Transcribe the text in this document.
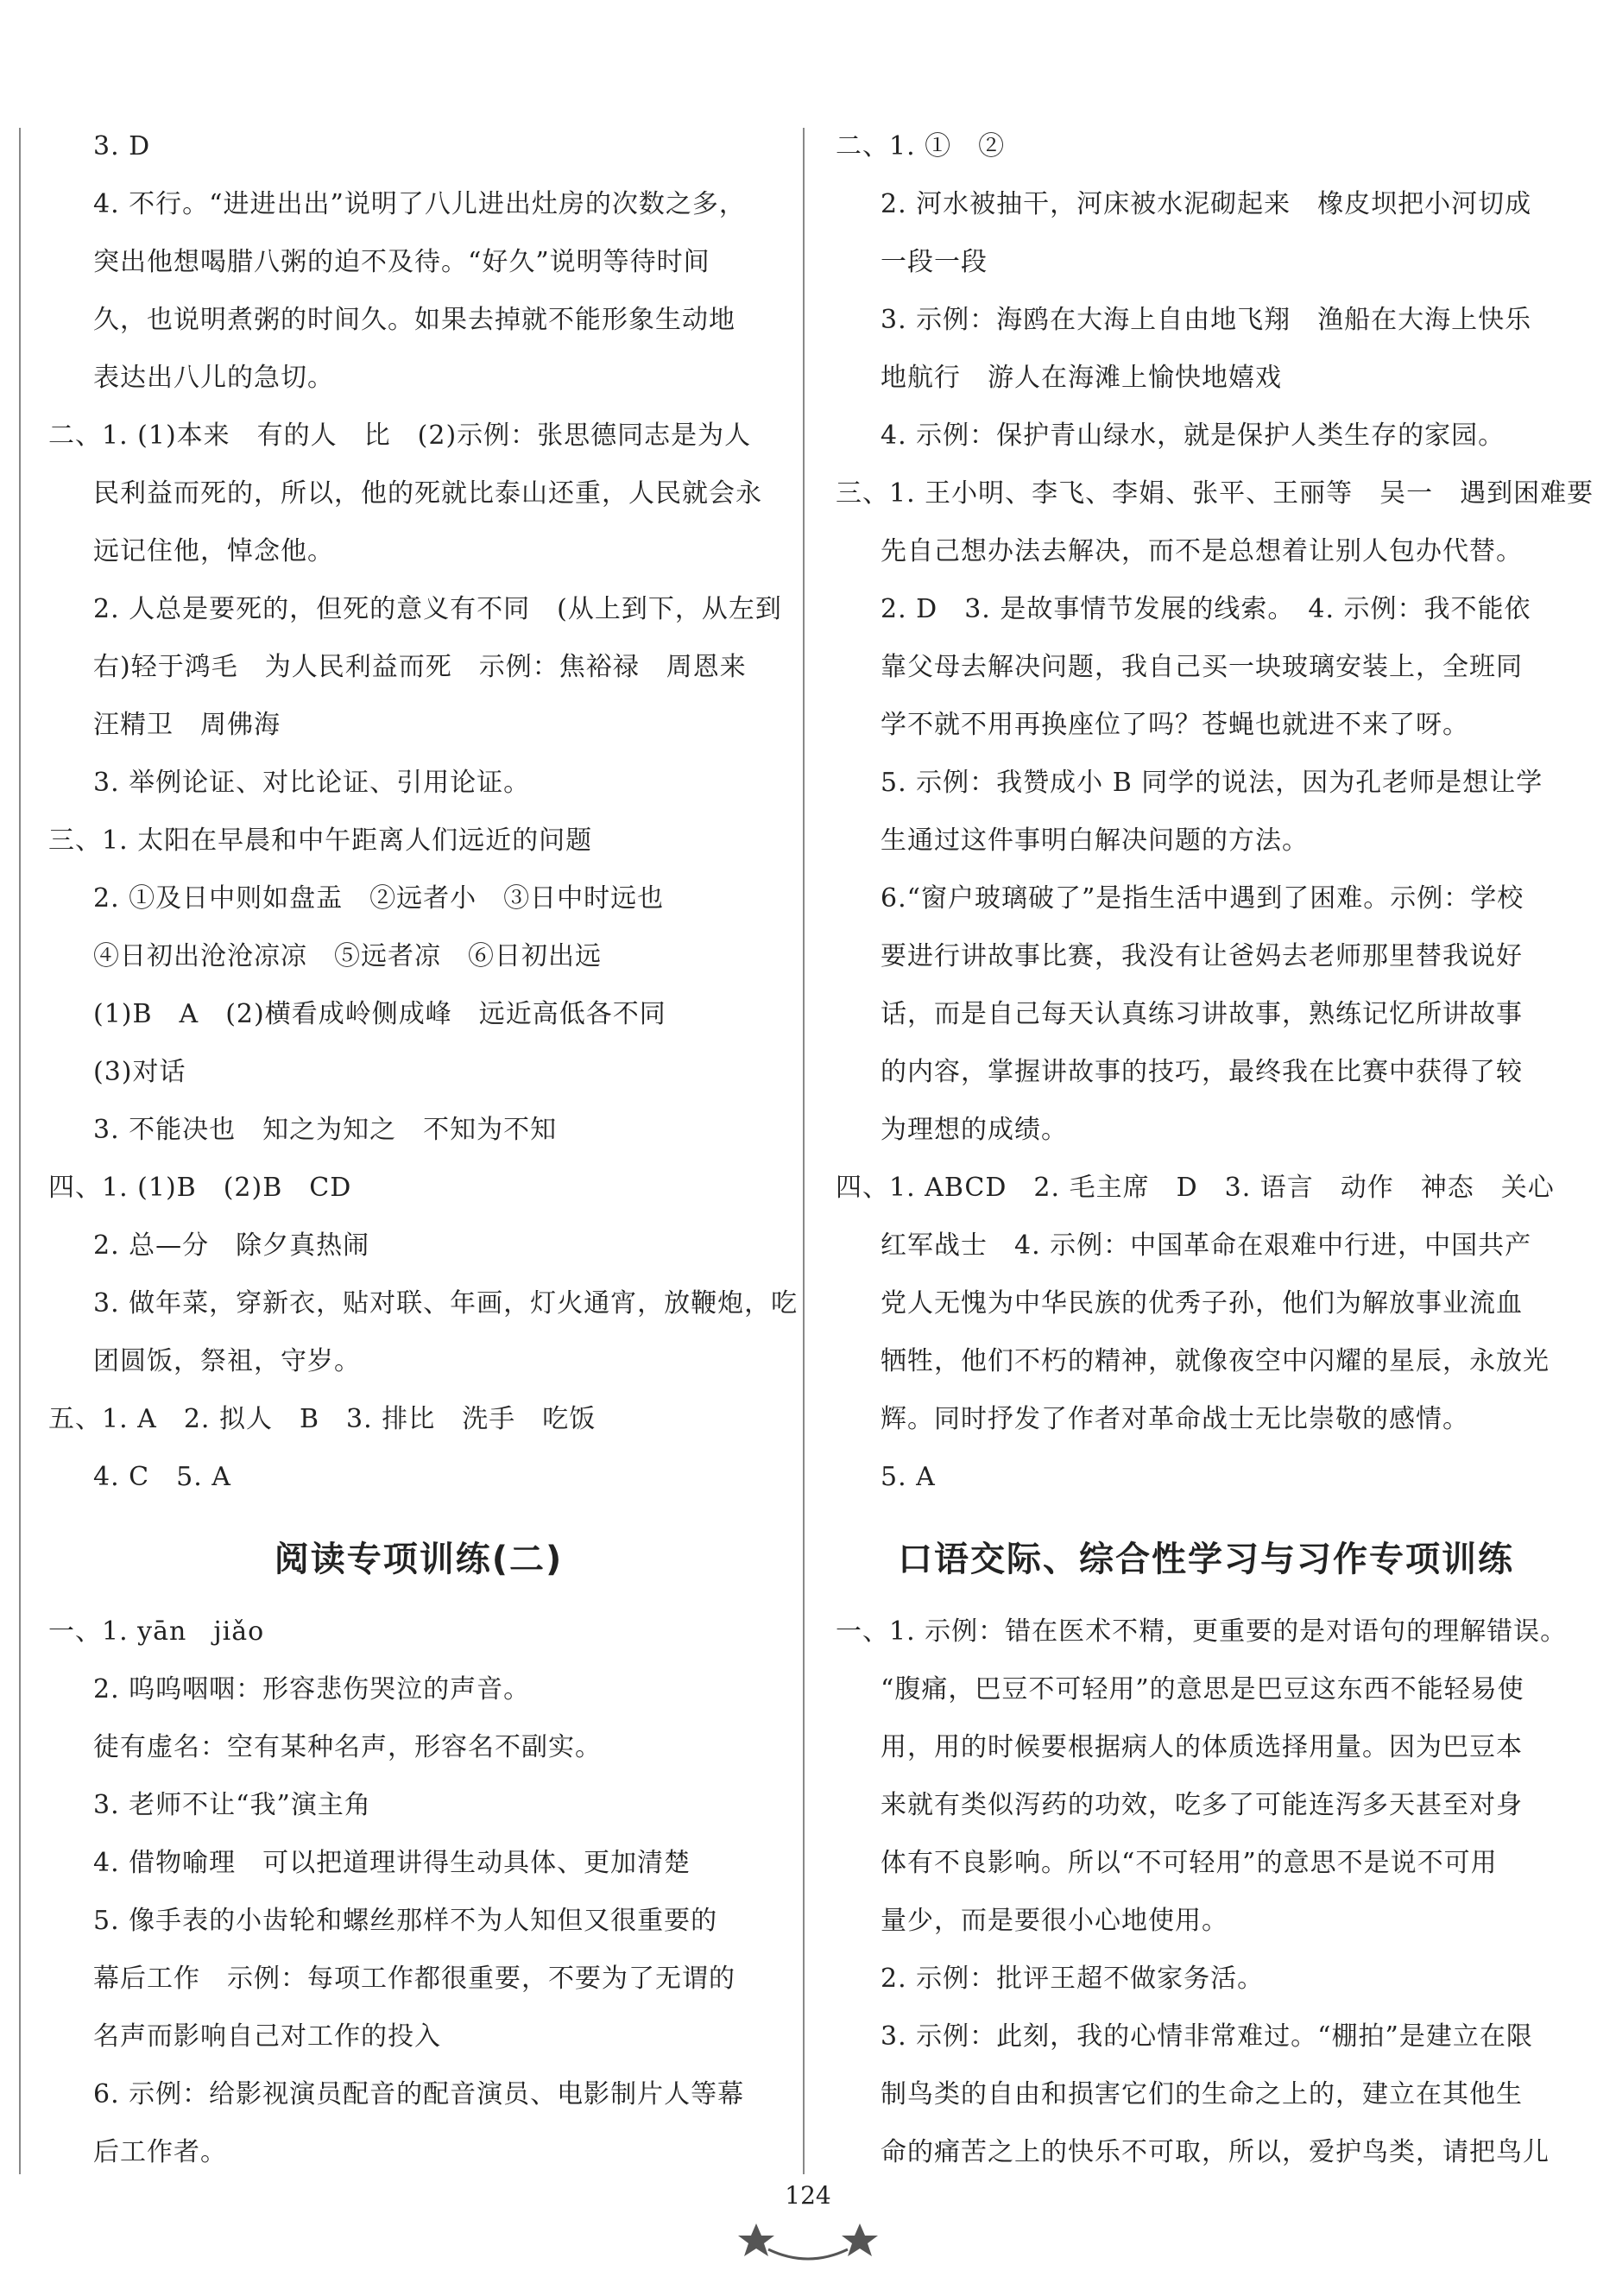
3. D
4. 不行。“进进出出”说明了八儿进出灶房的次数之多，
突出他想喝腊八粥的迫不及待。“好久”说明等待时间
久，也说明煮粥的时间久。如果去掉就不能形象生动地
表达出八儿的急切。
二、1. (1)本来　有的人　比　(2)示例：张思德同志是为人
民利益而死的，所以，他的死就比泰山还重，人民就会永
远记住他，悼念他。
2. 人总是要死的，但死的意义有不同　(从上到下，从左到
右)轻于鸿毛　为人民利益而死　示例：焦裕禄　周恩来
汪精卫　周佛海
3. 举例论证、对比论证、引用论证。
三、1. 太阳在早晨和中午距离人们远近的问题
2. ①及日中则如盘盂　②远者小　③日中时远也
④日初出沧沧凉凉　⑤远者凉　⑥日初出远
(1)B　A　(2)横看成岭侧成峰　远近高低各不同
(3)对话
3. 不能决也　知之为知之　不知为不知
四、1. (1)B　(2)B　CD
2. 总—分　除夕真热闹
3. 做年菜，穿新衣，贴对联、年画，灯火通宵，放鞭炮，吃
团圆饭，祭祖，守岁。
五、1. A　2. 拟人　B　3. 排比　洗手　吃饭
4. C　5. A
阅读专项训练(二)
一、1. yān　jiǎo
2. 呜呜咽咽：形容悲伤哭泣的声音。
徒有虚名：空有某种名声，形容名不副实。
3. 老师不让“我”演主角
4. 借物喻理　可以把道理讲得生动具体、更加清楚
5. 像手表的小齿轮和螺丝那样不为人知但又很重要的
幕后工作　示例：每项工作都很重要，不要为了无谓的
名声而影响自己对工作的投入
6. 示例：给影视演员配音的配音演员、电影制片人等幕
后工作者。
二、1. ①　②
2. 河水被抽干，河床被水泥砌起来　橡皮坝把小河切成
一段一段
3. 示例：海鸥在大海上自由地飞翔　渔船在大海上快乐
地航行　游人在海滩上愉快地嬉戏
4. 示例：保护青山绿水，就是保护人类生存的家园。
三、1. 王小明、李飞、李娟、张平、王丽等　吴一　遇到困难要
先自己想办法去解决，而不是总想着让别人包办代替。
2. D　3. 是故事情节发展的线索。　4. 示例：我不能依
靠父母去解决问题，我自己买一块玻璃安装上，全班同
学不就不用再换座位了吗？苍蝇也就进不来了呀。
5. 示例：我赞成小 B 同学的说法，因为孔老师是想让学
生通过这件事明白解决问题的方法。
6.“窗户玻璃破了”是指生活中遇到了困难。示例：学校
要进行讲故事比赛，我没有让爸妈去老师那里替我说好
话，而是自己每天认真练习讲故事，熟练记忆所讲故事
的内容，掌握讲故事的技巧，最终我在比赛中获得了较
为理想的成绩。
四、1. ABCD　2. 毛主席　D　3. 语言　动作　神态　关心
红军战士　4. 示例：中国革命在艰难中行进，中国共产
党人无愧为中华民族的优秀子孙，他们为解放事业流血
牺牲，他们不朽的精神，就像夜空中闪耀的星辰，永放光
辉。同时抒发了作者对革命战士无比崇敬的感情。
5. A
口语交际、综合性学习与习作专项训练
一、1. 示例：错在医术不精，更重要的是对语句的理解错误。
“腹痛，巴豆不可轻用”的意思是巴豆这东西不能轻易使
用，用的时候要根据病人的体质选择用量。因为巴豆本
来就有类似泻药的功效，吃多了可能连泻多天甚至对身
体有不良影响。所以“不可轻用”的意思不是说不可用
量少，而是要很小心地使用。
2. 示例：批评王超不做家务活。
3. 示例：此刻，我的心情非常难过。“棚拍”是建立在限
制鸟类的自由和损害它们的生命之上的，建立在其他生
命的痛苦之上的快乐不可取，所以，爱护鸟类，请把鸟儿
124
